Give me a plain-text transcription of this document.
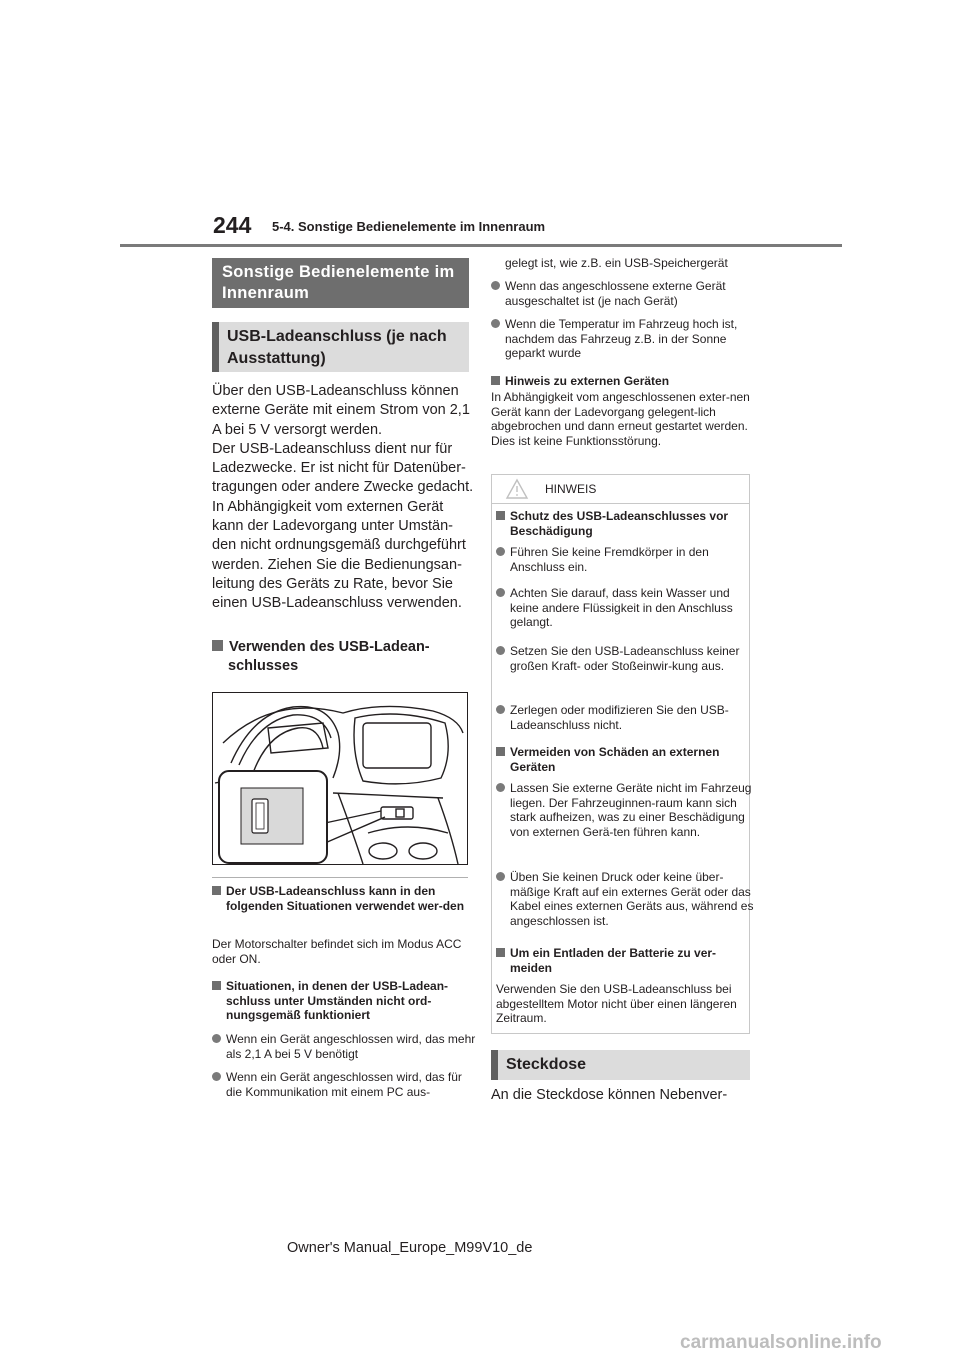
244 5-4. Sonstige Bedienelemente im Innenraum
Sonstige Bedienelemente im Innenraum
USB-Ladeanschluss (je nach Ausstattung)
Über den USB-Ladeanschluss können externe Geräte mit einem Strom von 2,1 A bei 5 V versorgt werden.
Der USB-Ladeanschluss dient nur für Ladezwecke. Er ist nicht für Datenüber-tragungen oder andere Zwecke gedacht.
In Abhängigkeit vom externen Gerät kann der Ladevorgang unter Umstän-den nicht ordnungsgemäß durchgeführt werden. Ziehen Sie die Bedienungsan-leitung des Geräts zu Rate, bevor Sie einen USB-Ladeanschluss verwenden.
Verwenden des USB-Ladean-schlusses
Der USB-Ladeanschluss kann in den folgenden Situationen verwendet wer-den
Der Motorschalter befindet sich im Modus ACC oder ON.
Situationen, in denen der USB-Ladean-schluss unter Umständen nicht ord-nungsgemäß funktioniert
Wenn ein Gerät angeschlossen wird, das mehr als 2,1 A bei 5 V benötigt
Wenn ein Gerät angeschlossen wird, das für die Kommunikation mit einem PC aus-
gelegt ist, wie z.B. ein USB-Speichergerät
Wenn das angeschlossene externe Gerät ausgeschaltet ist (je nach Gerät)
Wenn die Temperatur im Fahrzeug hoch ist, nachdem das Fahrzeug z.B. in der Sonne geparkt wurde
Hinweis zu externen Geräten
In Abhängigkeit vom angeschlossenen exter-nen Gerät kann der Ladevorgang gelegent-lich abgebrochen und dann erneut gestartet werden. Dies ist keine Funktionsstörung.
HINWEIS
Schutz des USB-Ladeanschlusses vor Beschädigung
Führen Sie keine Fremdkörper in den Anschluss ein.
Achten Sie darauf, dass kein Wasser und keine andere Flüssigkeit in den Anschluss gelangt.
Setzen Sie den USB-Ladeanschluss keiner großen Kraft- oder Stoßeinwir-kung aus.
Zerlegen oder modifizieren Sie den USB-Ladeanschluss nicht.
Vermeiden von Schäden an externen Geräten
Lassen Sie externe Geräte nicht im Fahrzeug liegen. Der Fahrzeuginnen-raum kann sich stark aufheizen, was zu einer Beschädigung von externen Gerä-ten führen kann.
Üben Sie keinen Druck oder keine über-mäßige Kraft auf ein externes Gerät oder das Kabel eines externen Geräts aus, während es angeschlossen ist.
Um ein Entladen der Batterie zu ver-meiden
Verwenden Sie den USB-Ladeanschluss bei abgestelltem Motor nicht über einen längeren Zeitraum.
Steckdose
An die Steckdose können Nebenver-
Owner's Manual_Europe_M99V10_de
carmanualsonline.info
